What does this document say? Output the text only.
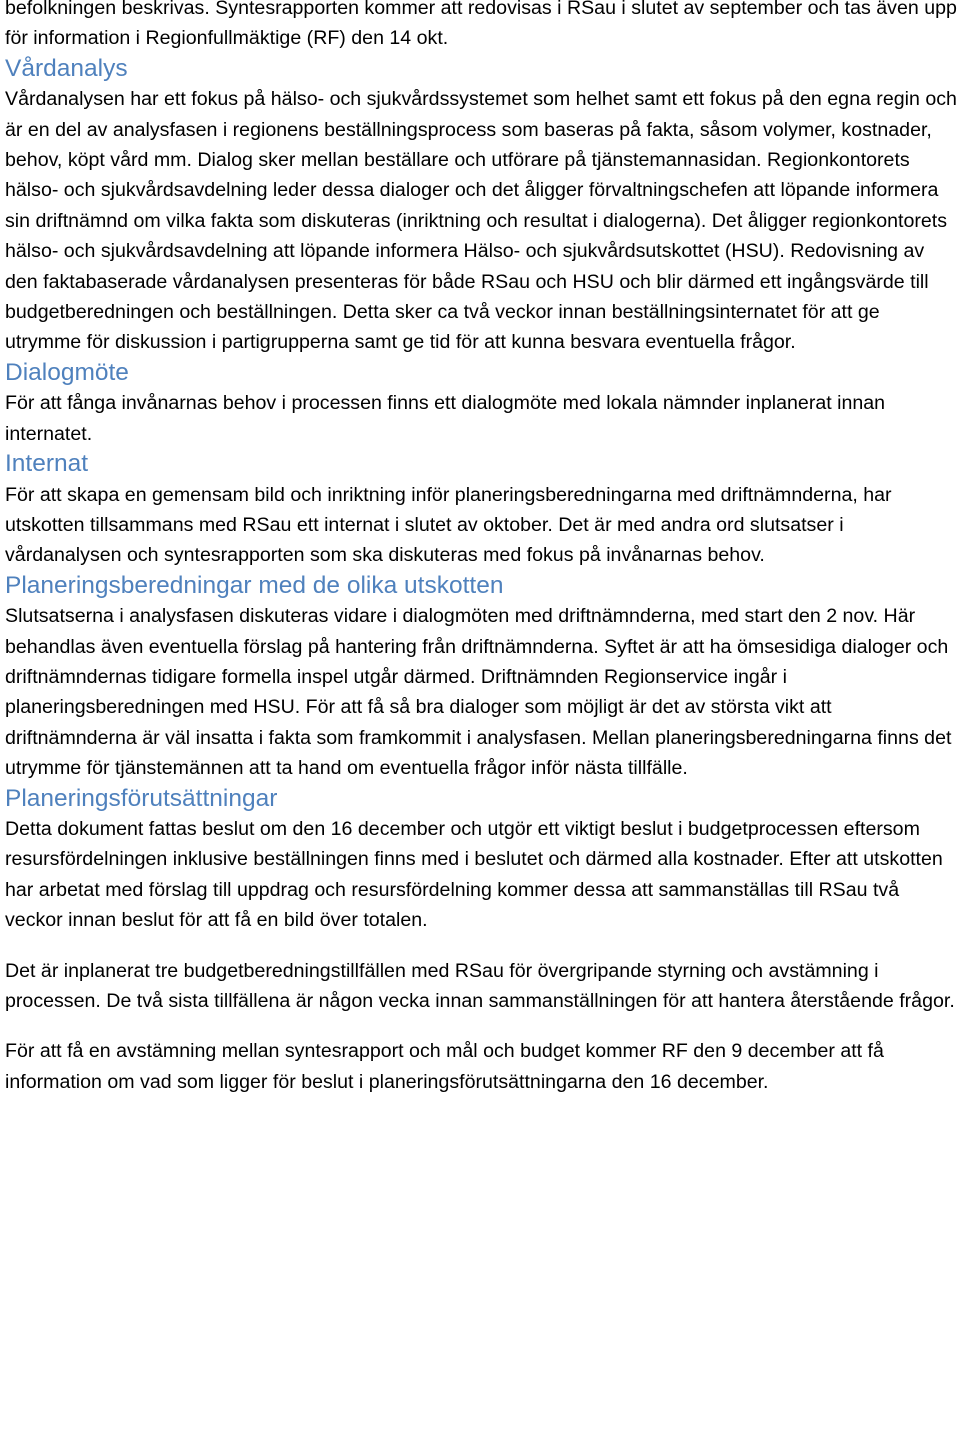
befolkningen beskrivas. Syntesrapporten kommer att redovisas i RSau i slutet av september och tas även upp för information i Regionfullmäktige (RF) den 14 okt.

Vårdanalys

Vårdanalysen har ett fokus på hälso- och sjukvårdssystemet som helhet samt ett fokus på den egna regin och är en del av analysfasen i regionens beställningsprocess som baseras på fakta, såsom volymer, kostnader, behov, köpt vård mm. Dialog sker mellan beställare och utförare på tjänstemannasidan. Regionkontorets hälso- och sjukvårdsavdelning leder dessa dialoger och det åligger förvaltningschefen att löpande informera sin driftnämnd om vilka fakta som diskuteras (inriktning och resultat i dialogerna). Det åligger regionkontorets hälso- och sjukvårdsavdelning att löpande informera Hälso- och sjukvårdsutskottet (HSU). Redovisning av den faktabaserade vårdanalysen presenteras för både RSau och HSU och blir därmed ett ingångsvärde till budgetberedningen och beställningen. Detta sker ca två veckor innan beställningsinternatet för att ge utrymme för diskussion i partigrupperna samt ge tid för att kunna besvara eventuella frågor.

Dialogmöte

För att fånga invånarnas behov i processen finns ett dialogmöte med lokala nämnder inplanerat innan internatet.

Internat

För att skapa en gemensam bild och inriktning inför planeringsberedningarna med driftnämnderna, har utskotten tillsammans med RSau ett internat i slutet av oktober. Det är med andra ord slutsatser i vårdanalysen och syntesrapporten som ska diskuteras med fokus på invånarnas behov.

Planeringsberedningar med de olika utskotten

Slutsatserna i analysfasen diskuteras vidare i dialogmöten med driftnämnderna, med start den 2 nov. Här behandlas även eventuella förslag på hantering från driftnämnderna. Syftet är att ha ömsesidiga dialoger och driftnämndernas tidigare formella inspel utgår därmed. Driftnämnden Regionservice ingår i planeringsberedningen med HSU. För att få så bra dialoger som möjligt är det av största vikt att driftnämnderna är väl insatta i fakta som framkommit i analysfasen. Mellan planeringsberedningarna finns det utrymme för tjänstemännen att ta hand om eventuella frågor inför nästa tillfälle.

Planeringsförutsättningar

Detta dokument fattas beslut om den 16 december och utgör ett viktigt beslut i budgetprocessen eftersom resursfördelningen inklusive beställningen finns med i beslutet och därmed alla kostnader. Efter att utskotten har arbetat med förslag till uppdrag och resursfördelning kommer dessa att sammanställas till RSau två veckor innan beslut för att få en bild över totalen.

Det är inplanerat tre budgetberedningstillfällen med RSau för övergripande styrning och avstämning i processen. De två sista tillfällena är någon vecka innan sammanställningen för att hantera återstående frågor.

För att få en avstämning mellan syntesrapport och mål och budget kommer RF den 9 december att få information om vad som ligger för beslut i planeringsförutsättningarna den 16 december.
